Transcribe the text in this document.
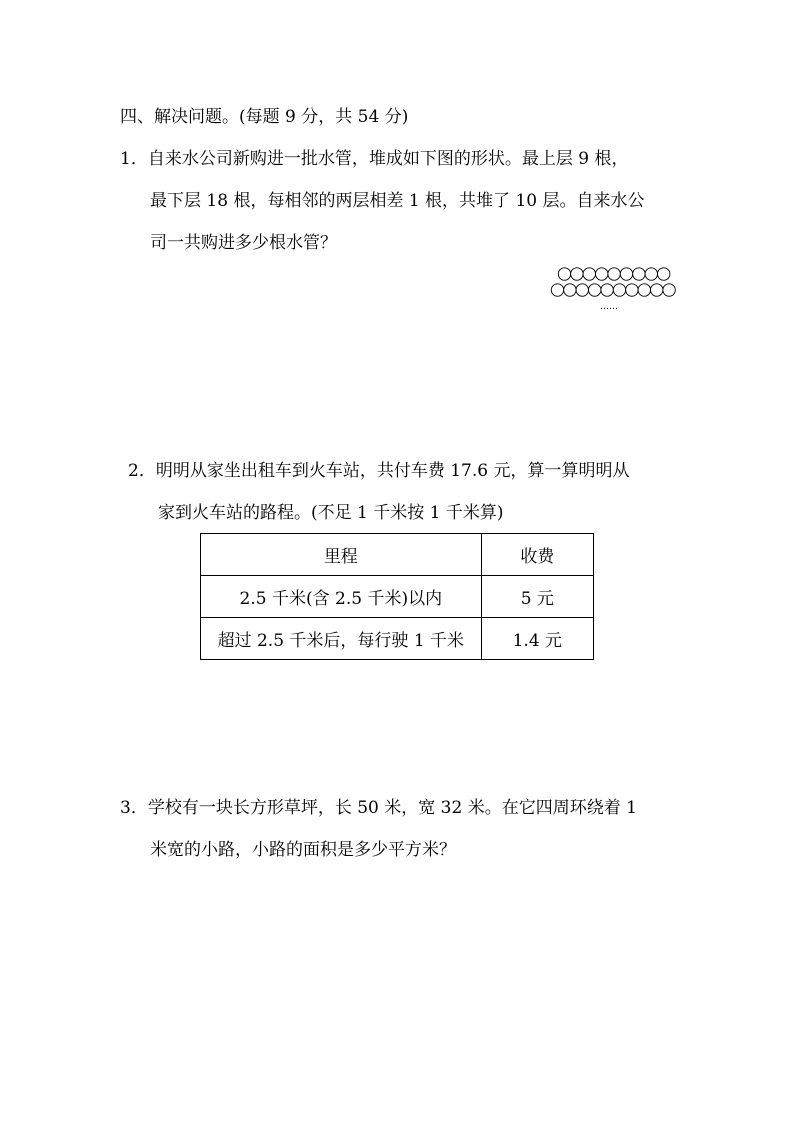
四、解决问题。(每题 9 分，共 54 分)

1．自来水公司新购进一批水管，堆成如下图的形状。最上层 9 根，

最下层 18 根，每相邻的两层相差 1 根，共堆了 10 层。自来水公

司一共购进多少根水管？

……

2．明明从家坐出租车到火车站，共付车费 17.6 元，算一算明明从

家到火车站的路程。(不足 1 千米按 1 千米算)

里程	收费
2.5 千米(含 2.5 千米)以内	5 元
超过 2.5 千米后，每行驶 1 千米	1.4 元

3．学校有一块长方形草坪，长 50 米，宽 32 米。在它四周环绕着 1

米宽的小路，小路的面积是多少平方米？
